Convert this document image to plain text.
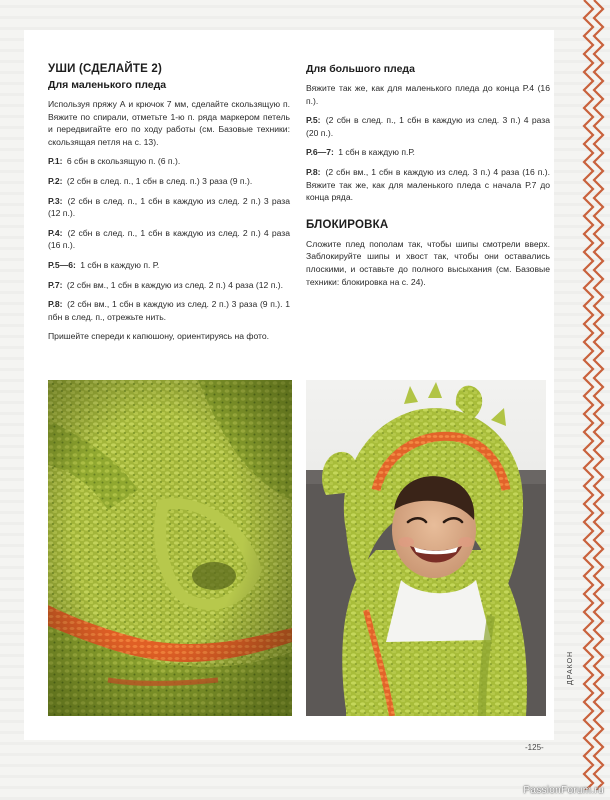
УШИ (СДЕЛАЙТЕ 2)
Для маленького пледа

Используя пряжу А и крючок 7 мм, сделайте скользящую п. Вяжите по спирали, отметьте 1-ю п. ряда маркером петель и передвигайте его по ходу работы (см. Базовые техники: скользящая петля на с. 13).

Р.1: 6 сбн в скользящую п. (6 п.).

Р.2: (2 сбн в след. п., 1 сбн в след. п.) 3 раза (9 п.).

Р.3: (2 сбн в след. п., 1 сбн в каждую из след. 2 п.) 3 раза (12 п.).

Р.4: (2 сбн в след. п., 1 сбн в каждую из след. 2 п.) 4 раза (16 п.).

Р.5—6: 1 сбн в каждую п. Р.

Р.7: (2 сбн вм., 1 сбн в каждую из след. 2 п.) 4 раза (12 п.).

Р.8: (2 сбн вм., 1 сбн в каждую из след. 2 п.) 3 раза (9 п.). 1 пбн в след. п., отрежьте нить.

Пришейте спереди к капюшону, ориентируясь на фото.

Для большого пледа

Вяжите так же, как для маленького пледа до конца Р.4 (16 п.).

Р.5: (2 сбн в след. п., 1 сбн в каждую из след. 3 п.) 4 раза (20 п.).

Р.6—7: 1 сбн в каждую п.Р.

Р.8: (2 сбн вм., 1 сбн в каждую из след. 3 п.) 4 раза (16 п.). Вяжите так же, как для маленького пледа с начала Р.7 до конца ряда.

БЛОКИРОВКА

Сложите плед пополам так, чтобы шипы смотрели вверх. Заблокируйте шипы и хвост так, чтобы они оставались плоскими, и оставьте до полного высыхания (см. Базовые техники: блокировка на с. 24).

ДРАКОН
-125-
PassionForum.ru
